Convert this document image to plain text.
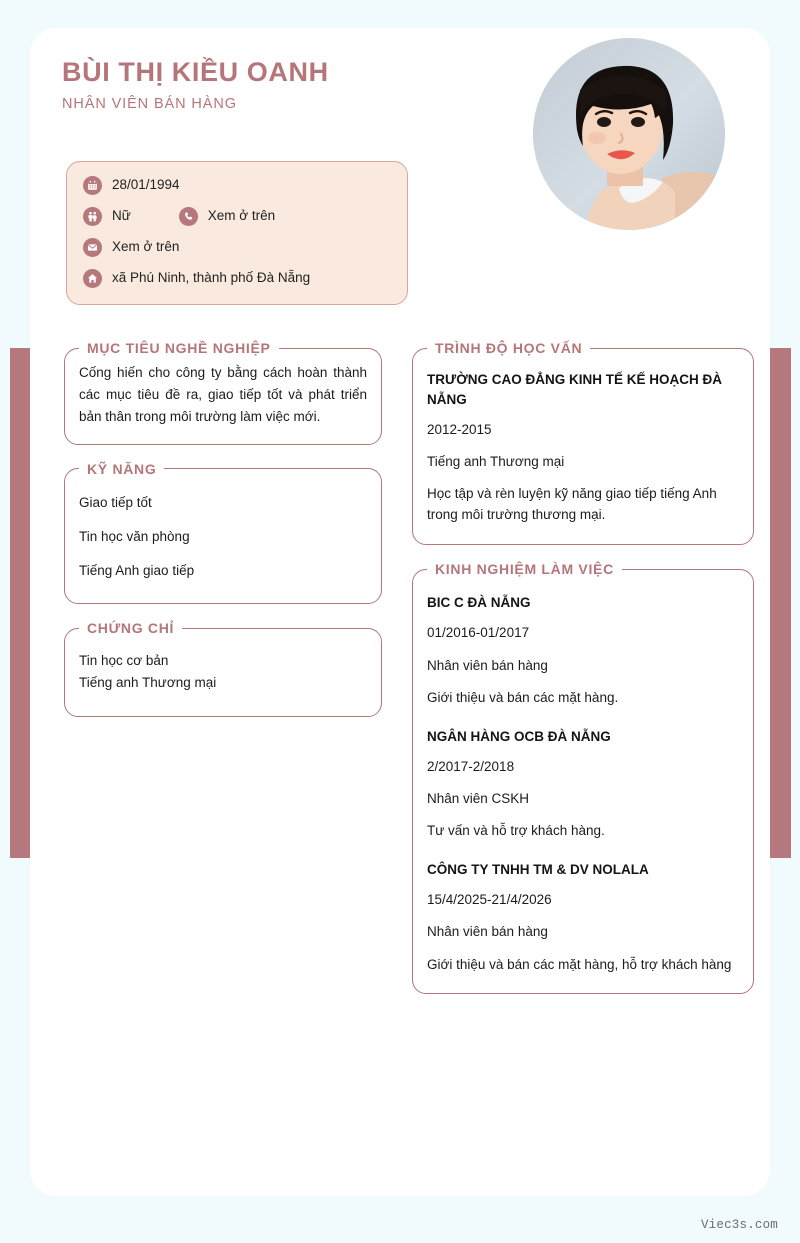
BÙI THỊ KIỀU OANH

NHÂN VIÊN BÁN HÀNG

28/01/1994
Nữ	Xem ở trên
Xem ở trên
xã Phú Ninh, thành phố Đà Nẵng
MỤC TIÊU NGHỀ NGHIỆP

Cống hiến cho công ty bằng cách hoàn thành các mục tiêu đề ra, giao tiếp tốt và phát triển bản thân trong môi trường làm việc mới.

KỸ NĂNG

Giao tiếp tốt

Tin học văn phòng

Tiếng Anh giao tiếp

CHỨNG CHỈ

Tin học cơ bản

Tiếng anh Thương mại

TRÌNH ĐỘ HỌC VẤN

TRƯỜNG CAO ĐẲNG KINH TẾ KẾ HOẠCH ĐÀ NẴNG

2012-2015

Tiếng anh Thương mại

Học tập và rèn luyện kỹ năng giao tiếp tiếng Anh trong môi trường thương mại.

KINH NGHIỆM LÀM VIỆC

BIC C ĐÀ NẴNG

01/2016-01/2017

Nhân viên bán hàng

Giới thiệu và bán các mặt hàng.

NGÂN HÀNG OCB ĐÀ NẴNG

2/2017-2/2018

Nhân viên CSKH

Tư vấn và hỗ trợ khách hàng.

CÔNG TY TNHH TM & DV NOLALA

15/4/2025-21/4/2026

Nhân viên bán hàng

Giới thiệu và bán các mặt hàng, hỗ trợ khách hàng

Viec3s.com
